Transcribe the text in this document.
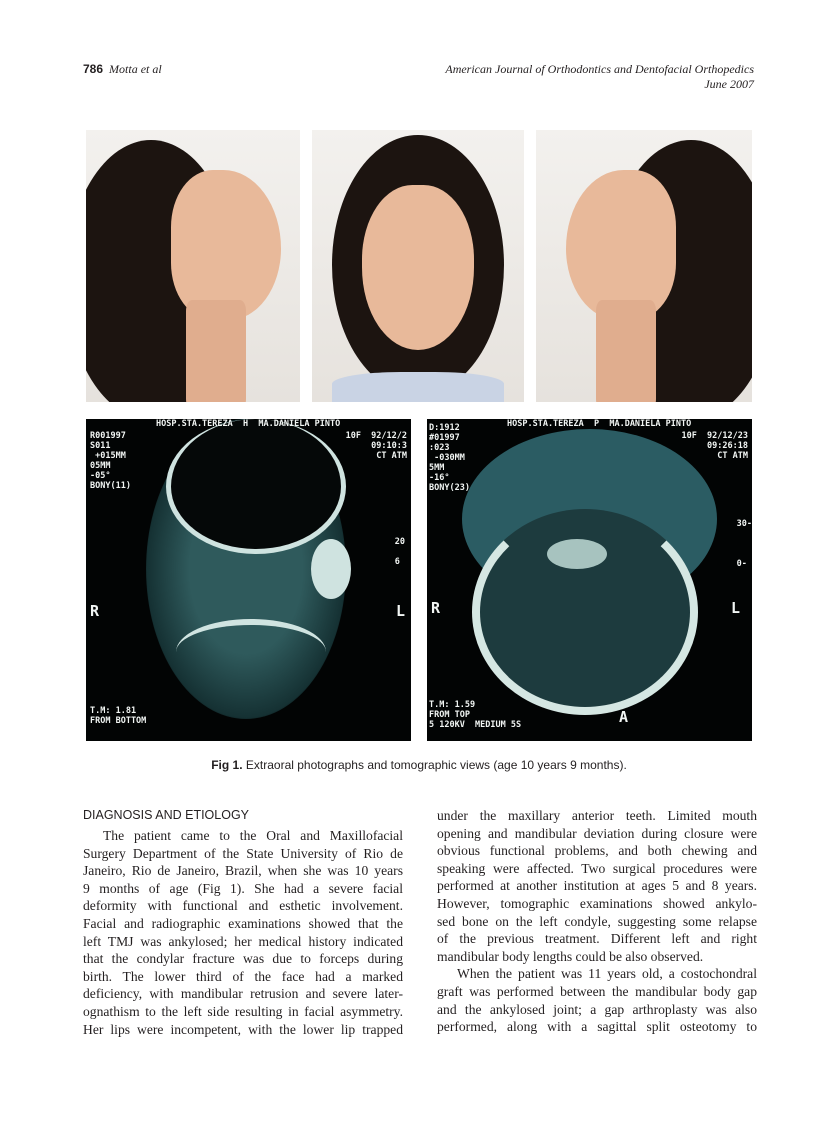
786 Motta et al	American Journal of Orthodontics and Dentofacial Orthopedics
June 2007
R001997
S011
+015MM
05MM
-05°
BONY(11)
HOSP.STA.TEREZA  H  MA.DANIELA PINTO
10F  92/12/2
09:10:3
CT ATM
20

6
R	L
T.M: 1.81
FROM BOTTOM
D:1912
#01997
:023
-030MM
5MM
-16°
BONY(23)
HOSP.STA.TEREZA  P  MA.DANIELA PINTO
10F  92/12/23
09:26:18
CT ATM
30-

0-
R	L
A
T.M: 1.59
FROM TOP
5 120KV  MEDIUM 5S
Fig 1. Extraoral photographs and tomographic views (age 10 years 9 months).
DIAGNOSIS AND ETIOLOGY
The patient came to the Oral and Maxillofacial
Surgery Department of the State University of Rio de
Janeiro, Rio de Janeiro, Brazil, when she was 10 years
9 months of age (Fig 1). She had a severe facial
deformity with functional and esthetic involvement.
Facial and radiographic examinations showed that the
left TMJ was ankylosed; her medical history indicated
that the condylar fracture was due to forceps during
birth. The lower third of the face had a marked
deficiency, with mandibular retrusion and severe later-
ognathism to the left side resulting in facial asymmetry.
Her lips were incompetent, with the lower lip trapped
under the maxillary anterior teeth. Limited mouth
opening and mandibular deviation during closure were
obvious functional problems, and both chewing and
speaking were affected. Two surgical procedures were
performed at another institution at ages 5 and 8 years.
However, tomographic examinations showed ankylo-
sed bone on the left condyle, suggesting some relapse
of the previous treatment. Different left and right
mandibular body lengths could be also observed.
When the patient was 11 years old, a costochondral
graft was performed between the mandibular body gap
and the ankylosed joint; a gap arthroplasty was also
performed, along with a sagittal split osteotomy to
